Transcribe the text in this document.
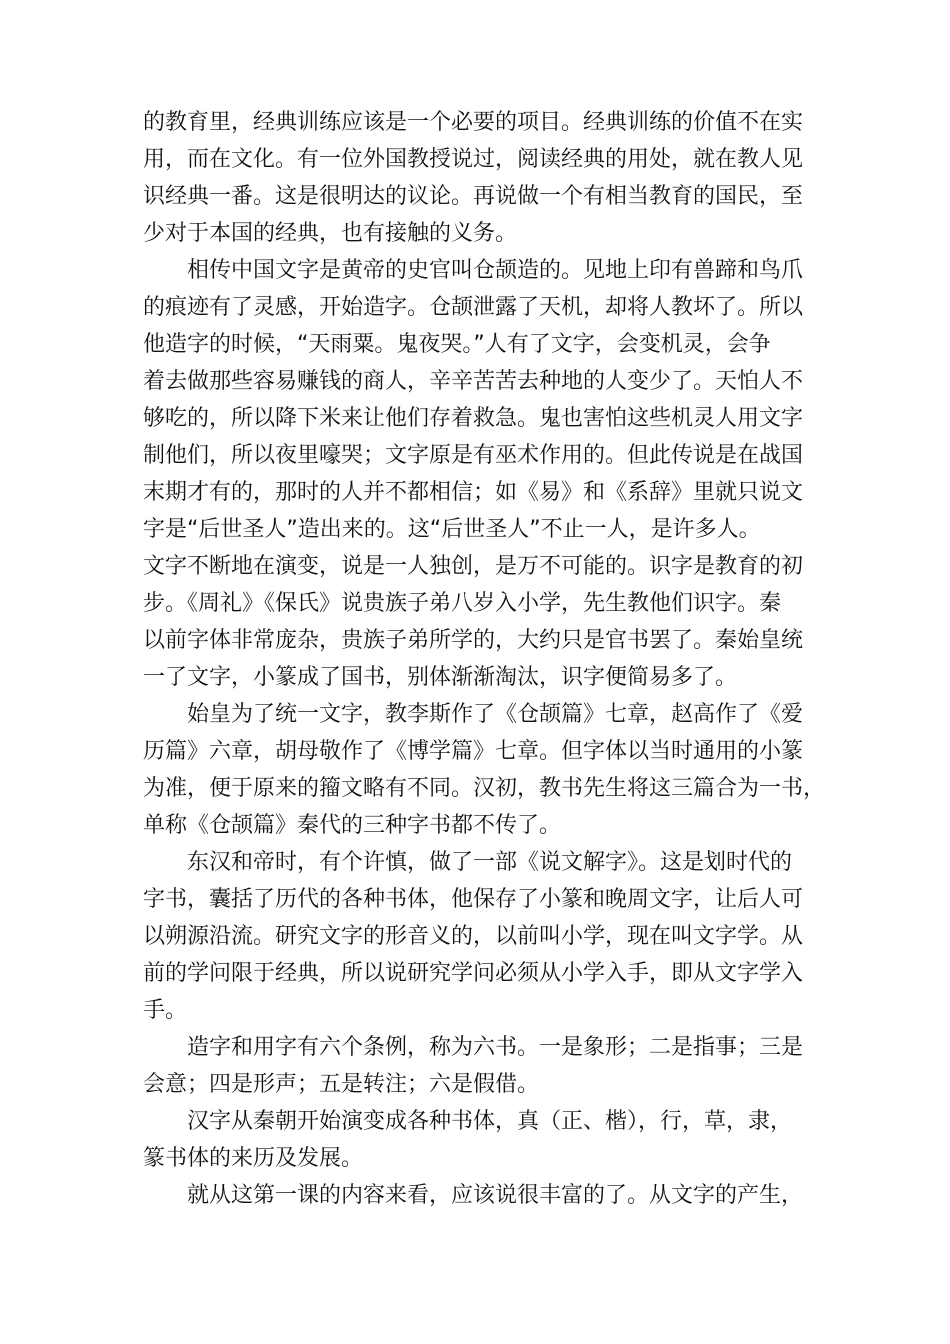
的教育里，经典训练应该是一个必要的项目。经典训练的价值不在实
用，而在文化。有一位外国教授说过，阅读经典的用处，就在教人见
识经典一番。这是很明达的议论。再说做一个有相当教育的国民，至
少对于本国的经典，也有接触的义务。

相传中国文字是黄帝的史官叫仓颉造的。见地上印有兽蹄和鸟爪
的痕迹有了灵感，开始造字。仓颉泄露了天机，却将人教坏了。所以
他造字的时候，“天雨粟。鬼夜哭。”人有了文字，会变机灵，会争
着去做那些容易赚钱的商人，辛辛苦苦去种地的人变少了。天怕人不
够吃的，所以降下米来让他们存着救急。鬼也害怕这些机灵人用文字
制他们，所以夜里嚎哭；文字原是有巫术作用的。但此传说是在战国
末期才有的，那时的人并不都相信；如《易》和《系辞》里就只说文
字是“后世圣人”造出来的。这“后世圣人”不止一人，是许多人。
文字不断地在演变，说是一人独创，是万不可能的。识字是教育的初
步。《周礼》《保氏》说贵族子弟八岁入小学，先生教他们识字。秦
以前字体非常庞杂，贵族子弟所学的，大约只是官书罢了。秦始皇统
一了文字，小篆成了国书，别体渐渐淘汰，识字便简易多了。

始皇为了统一文字，教李斯作了《仓颉篇》七章，赵高作了《爱
历篇》六章，胡母敬作了《博学篇》七章。但字体以当时通用的小篆
为准，便于原来的籀文略有不同。汉初，教书先生将这三篇合为一书，
单称《仓颉篇》秦代的三种字书都不传了。

东汉和帝时，有个许慎，做了一部《说文解字》。这是划时代的
字书，囊括了历代的各种书体，他保存了小篆和晚周文字，让后人可
以朔源沿流。研究文字的形音义的，以前叫小学，现在叫文字学。从
前的学问限于经典，所以说研究学问必须从小学入手，即从文字学入
手。

造字和用字有六个条例，称为六书。一是象形；二是指事；三是
会意；四是形声；五是转注；六是假借。

汉字从秦朝开始演变成各种书体，真（正、楷），行，草，隶，
篆书体的来历及发展。

就从这第一课的内容来看，应该说很丰富的了。从文字的产生，
